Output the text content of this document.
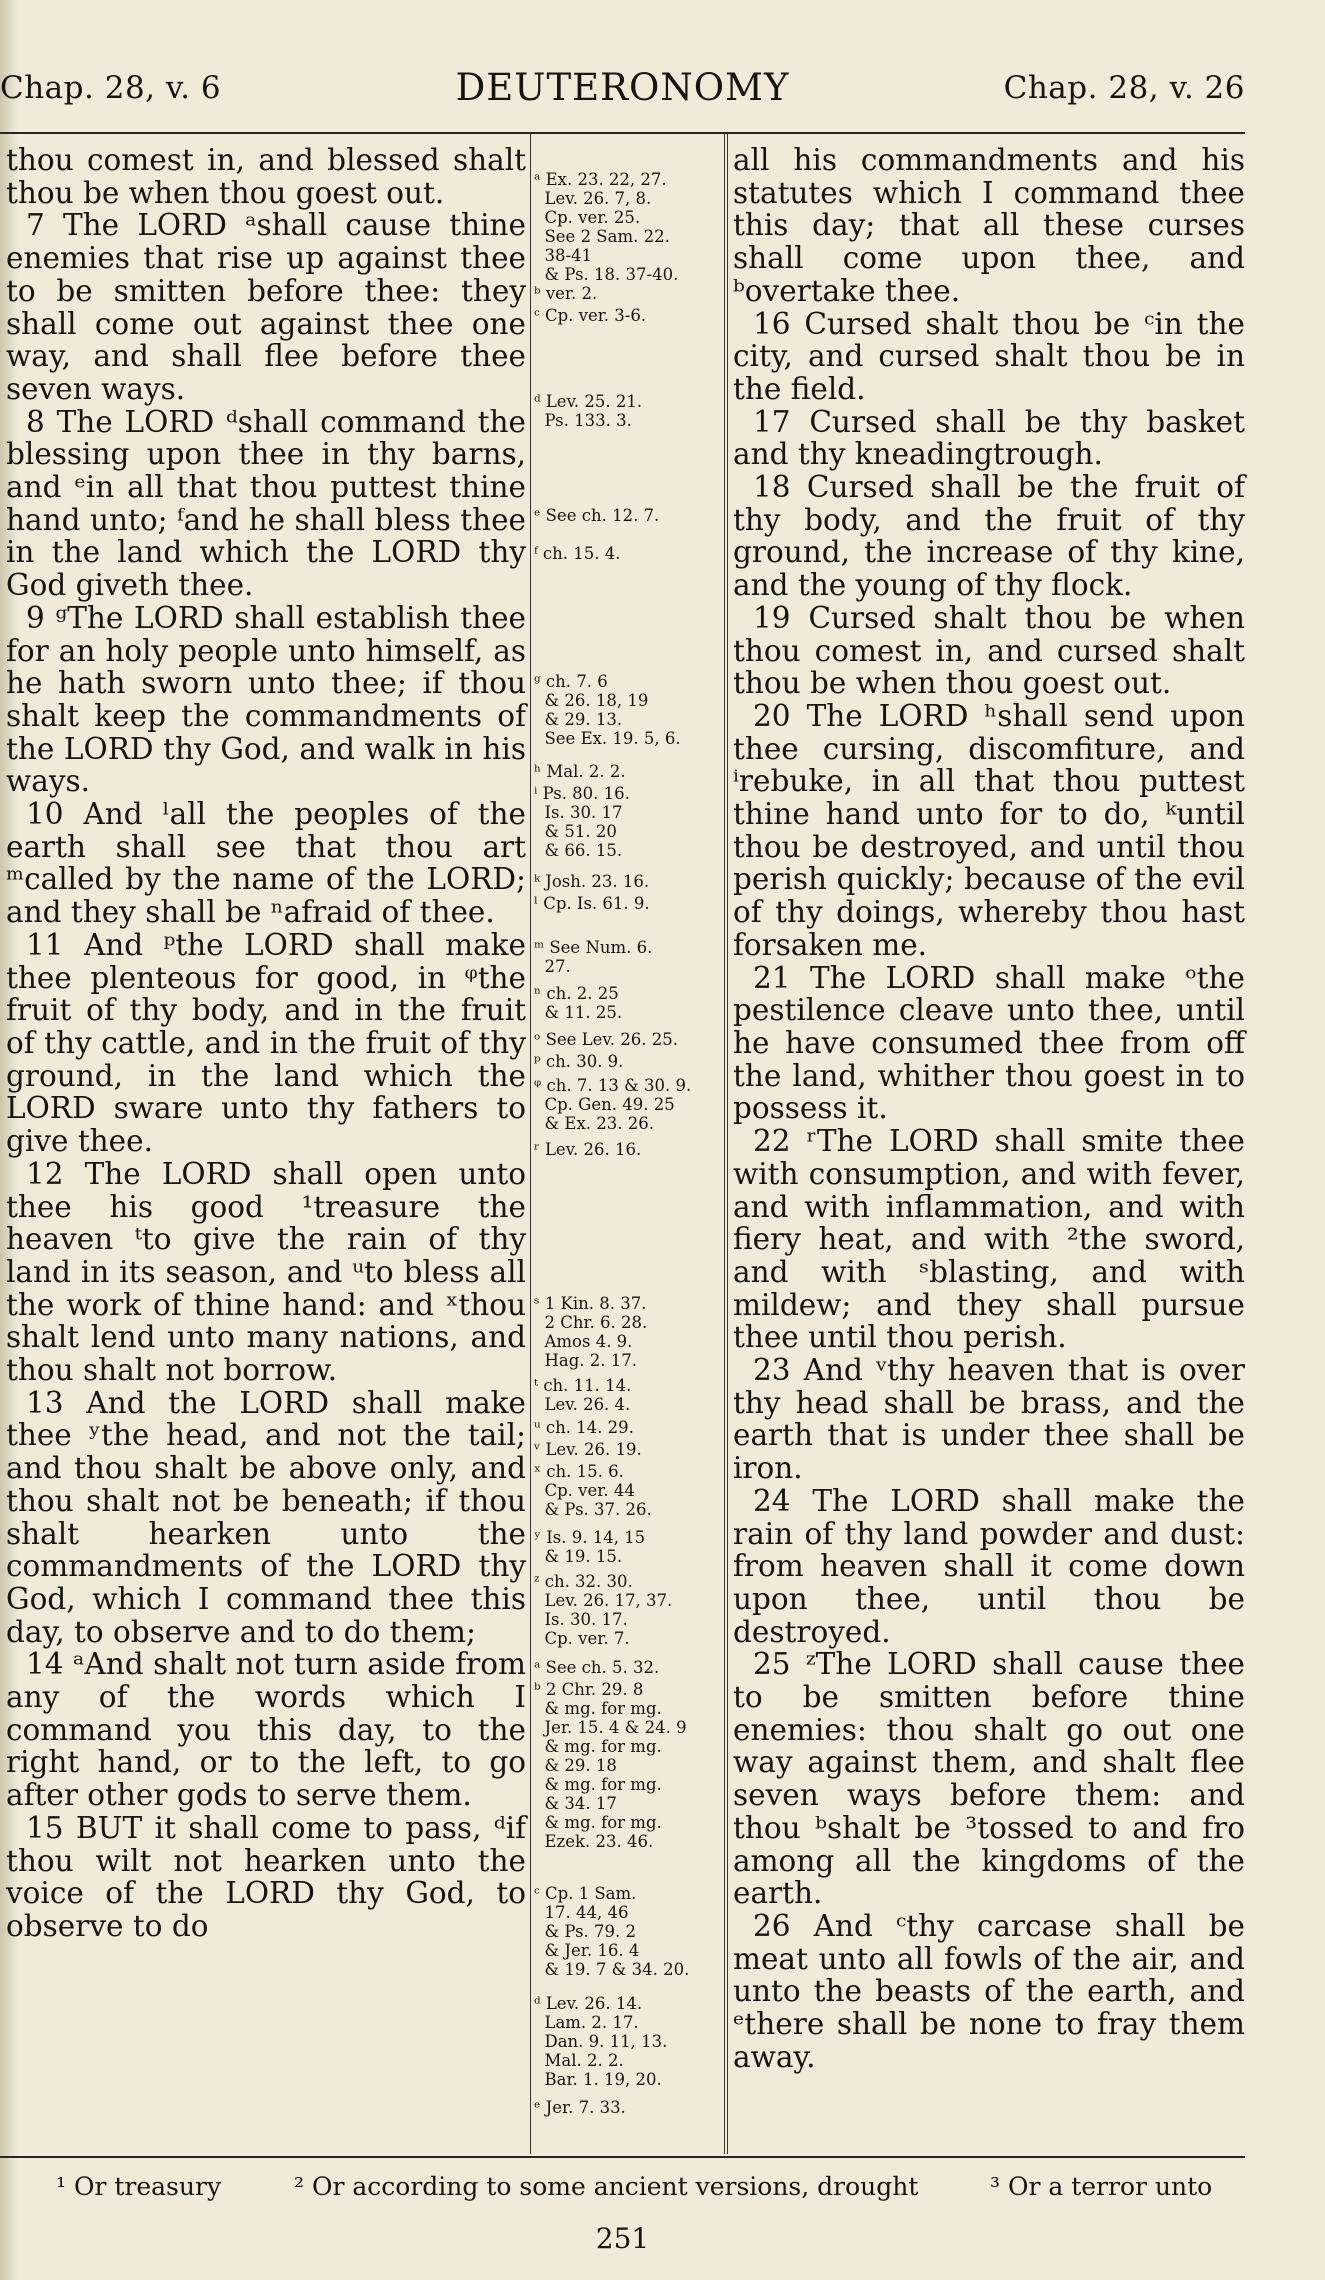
Chap. 28, v. 6	DEUTERONOMY	Chap. 28, v. 26

thou comest in, and blessed shalt thou be when thou goest out.

7 The LORD ᵃshall cause thine enemies that rise up against thee to be smitten before thee: they shall come out against thee one way, and shall flee before thee seven ways.

8 The LORD ᵈshall command the blessing upon thee in thy barns, and ᵉin all that thou puttest thine hand unto; ᶠand he shall bless thee in the land which the LORD thy God giveth thee.

9 ᵍThe LORD shall establish thee for an holy people unto himself, as he hath sworn unto thee; if thou shalt keep the commandments of the LORD thy God, and walk in his ways.

10 And ˡall the peoples of the earth shall see that thou art ᵐcalled by the name of the LORD; and they shall be ⁿafraid of thee.

11 And ᵖthe LORD shall make thee plenteous for good, in ᵠthe fruit of thy body, and in the fruit of thy cattle, and in the fruit of thy ground, in the land which the LORD sware unto thy fathers to give thee.

12 The LORD shall open unto thee his good ¹treasure the heaven ᵗto give the rain of thy land in its season, and ᵘto bless all the work of thine hand: and ˣthou shalt lend unto many nations, and thou shalt not borrow.

13 And the LORD shall make thee ʸthe head, and not the tail; and thou shalt be above only, and thou shalt not be beneath; if thou shalt hearken unto the commandments of the LORD thy God, which I command thee this day, to observe and to do them;

14 ᵃAnd shalt not turn aside from any of the words which I command you this day, to the right hand, or to the left, to go after other gods to serve them.

15 BUT it shall come to pass, ᵈif thou wilt not hearken unto the voice of the LORD thy God, to observe to do

ᵃ Ex. 23. 22, 27.
Lev. 26. 7, 8.
Cp. ver. 25.
See 2 Sam. 22.
38-41
& Ps. 18. 37-40.
ᵇ ver. 2.
ᶜ Cp. ver. 3-6.
ᵈ Lev. 25. 21.
Ps. 133. 3.
ᵉ See ch. 12. 7.
ᶠ ch. 15. 4.
ᵍ ch. 7. 6
& 26. 18, 19
& 29. 13.
See Ex. 19. 5, 6.
ʰ Mal. 2. 2.
ⁱ Ps. 80. 16.
Is. 30. 17
& 51. 20
& 66. 15.
ᵏ Josh. 23. 16.
ˡ Cp. Is. 61. 9.
ᵐ See Num. 6.
27.
ⁿ ch. 2. 25
& 11. 25.
ᵒ See Lev. 26. 25.
ᵖ ch. 30. 9.
ᵠ ch. 7. 13 & 30. 9.
Cp. Gen. 49. 25
& Ex. 23. 26.
ʳ Lev. 26. 16.
ˢ 1 Kin. 8. 37.
2 Chr. 6. 28.
Amos 4. 9.
Hag. 2. 17.
ᵗ ch. 11. 14.
Lev. 26. 4.
ᵘ ch. 14. 29.
ᵛ Lev. 26. 19.
ˣ ch. 15. 6.
Cp. ver. 44
& Ps. 37. 26.
ʸ Is. 9. 14, 15
& 19. 15.
ᶻ ch. 32. 30.
Lev. 26. 17, 37.
Is. 30. 17.
Cp. ver. 7.
ᵃ See ch. 5. 32.
ᵇ 2 Chr. 29. 8
& mg. for mg.
Jer. 15. 4 & 24. 9
& mg. for mg.
& 29. 18
& mg. for mg.
& 34. 17
& mg. for mg.
Ezek. 23. 46.
ᶜ Cp. 1 Sam.
17. 44, 46
& Ps. 79. 2
& Jer. 16. 4
& 19. 7 & 34. 20.
ᵈ Lev. 26. 14.
Lam. 2. 17.
Dan. 9. 11, 13.
Mal. 2. 2.
Bar. 1. 19, 20.
ᵉ Jer. 7. 33.

all his commandments and his statutes which I command thee this day; that all these curses shall come upon thee, and ᵇovertake thee.

16 Cursed shalt thou be ᶜin the city, and cursed shalt thou be in the field.

17 Cursed shall be thy basket and thy kneadingtrough.

18 Cursed shall be the fruit of thy body, and the fruit of thy ground, the increase of thy kine, and the young of thy flock.

19 Cursed shalt thou be when thou comest in, and cursed shalt thou be when thou goest out.

20 The LORD ʰshall send upon thee cursing, discomfiture, and ⁱrebuke, in all that thou puttest thine hand unto for to do, ᵏuntil thou be destroyed, and until thou perish quickly; because of the evil of thy doings, whereby thou hast forsaken me.

21 The LORD shall make ᵒthe pestilence cleave unto thee, until he have consumed thee from off the land, whither thou goest in to possess it.

22 ʳThe LORD shall smite thee with consumption, and with fever, and with inflammation, and with fiery heat, and with ²the sword, and with ˢblasting, and with mildew; and they shall pursue thee until thou perish.

23 And ᵛthy heaven that is over thy head shall be brass, and the earth that is under thee shall be iron.

24 The LORD shall make the rain of thy land powder and dust: from heaven shall it come down upon thee, until thou be destroyed.

25 ᶻThe LORD shall cause thee to be smitten before thine enemies: thou shalt go out one way against them, and shalt flee seven ways before them: and thou ᵇshalt be ³tossed to and fro among all the kingdoms of the earth.

26 And ᶜthy carcase shall be meat unto all fowls of the air, and unto the beasts of the earth, and ᵉthere shall be none to fray them away.

¹ Or treasury	² Or according to some ancient versions, drought	³ Or a terror unto
251
